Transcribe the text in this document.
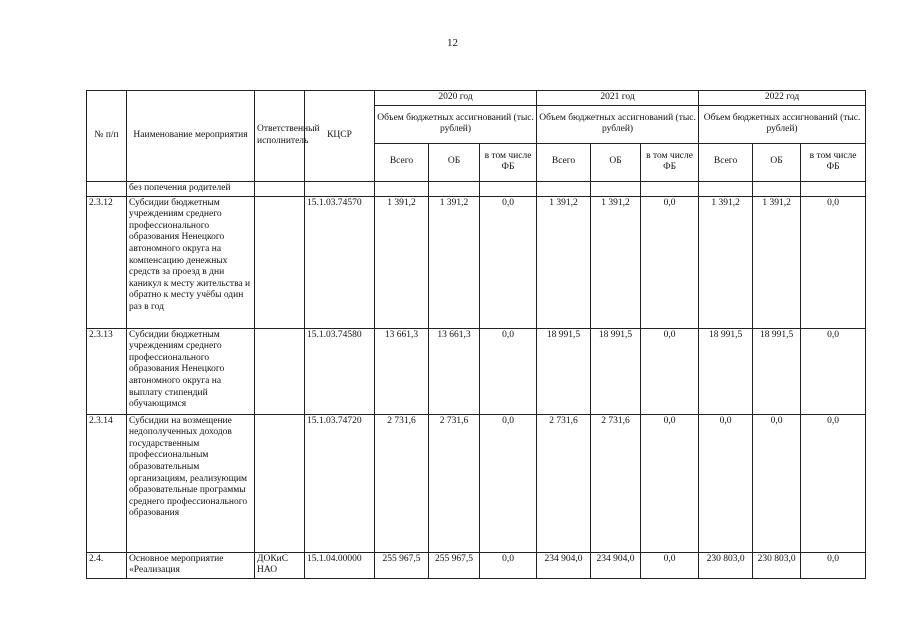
12
№ п/п	Наименование мероприятия	Ответственный исполнитель	КЦСР	2020 год			2021 год			2022 год		
				Объем бюджетных ассигнований (тыс. рублей)			Объем бюджетных ассигнований (тыс. рублей)			Объем бюджетных ассигнований (тыс. рублей)		
				Всего	ОБ	в том числе ФБ	Всего	ОБ	в том числе ФБ	Всего	ОБ	в том числе ФБ
	без попечения родителей											
2.3.12	Субсидии бюджетным учреждениям среднего профессионального образования Ненецкого автономного округа на компенсацию денежных средств за проезд в дни каникул к месту жительства и обратно к месту учёбы один раз в год		15.1.03.74570	1 391,2	1 391,2	0,0	1 391,2	1 391,2	0,0	1 391,2	1 391,2	0,0
2.3.13	Субсидии бюджетным учреждениям среднего профессионального образования Ненецкого автономного округа на выплату стипендий обучающимся		15.1.03.74580	13 661,3	13 661,3	0,0	18 991,5	18 991,5	0,0	18 991,5	18 991,5	0,0
2.3.14	Субсидии на возмещение недополученных доходов государственным профессиональным образовательным организациям, реализующим образовательные программы среднего профессионального образования		15.1.03.74720	2 731,6	2 731,6	0,0	2 731,6	2 731,6	0,0	0,0	0,0	0,0
2.4.	Основное мероприятие «Реализация	ДОКиС НАО	15.1.04.00000	255 967,5	255 967,5	0,0	234 904,0	234 904,0	0,0	230 803,0	230 803,0	0,0
